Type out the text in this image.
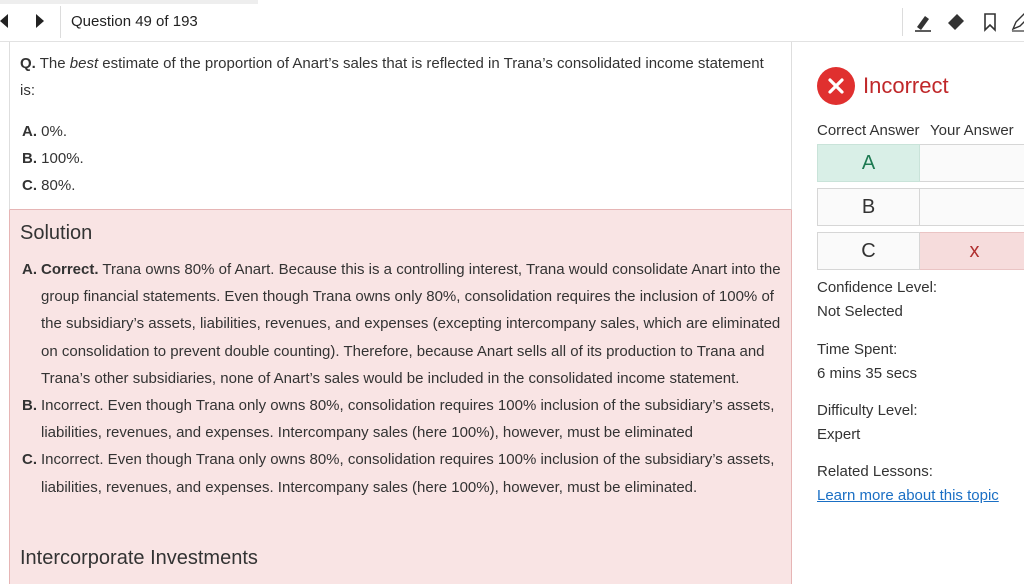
Question 49 of 193
Q. The best estimate of the proportion of Anart’s sales that is reflected in Trana’s consolidated income statement is:
A. 0%.
B. 100%.
C. 80%.
Solution
A. Correct. Trana owns 80% of Anart. Because this is a controlling interest, Trana would consolidate Anart into the group financial statements. Even though Trana owns only 80%, consolidation requires the inclusion of 100% of the subsidiary’s assets, liabilities, revenues, and expenses (excepting intercompany sales, which are eliminated on consolidation to prevent double counting). Therefore, because Anart sells all of its production to Trana and Trana’s other subsidiaries, none of Anart’s sales would be included in the consolidated income statement.
B. Incorrect. Even though Trana only owns 80%, consolidation requires 100% inclusion of the subsidiary’s assets, liabilities, revenues, and expenses. Intercompany sales (here 100%), however, must be eliminated
C. Incorrect. Even though Trana only owns 80%, consolidation requires 100% inclusion of the subsidiary’s assets, liabilities, revenues, and expenses. Intercompany sales (here 100%), however, must be eliminated.
Intercorporate Investments
Incorrect
Correct Answer Your Answer
A
B
C	x
Confidence Level:
Not Selected
Time Spent:
6 mins 35 secs
Difficulty Level:
Expert
Related Lessons:
Learn more about this topic
